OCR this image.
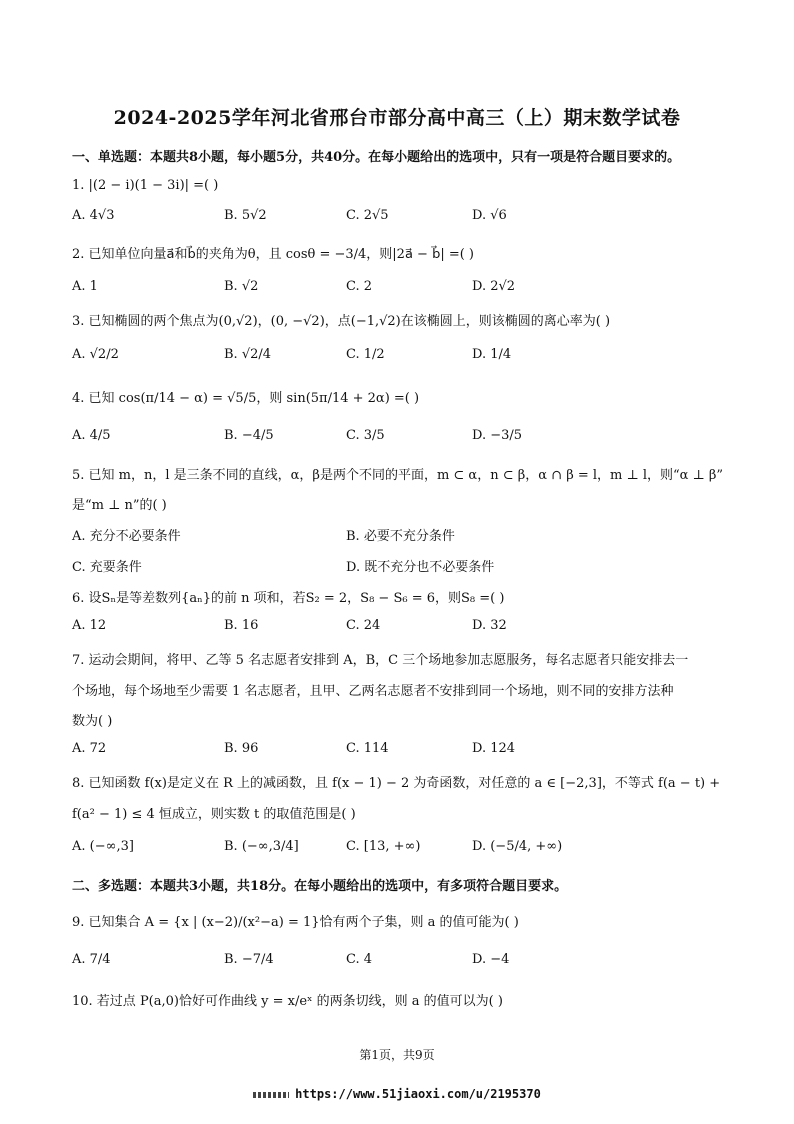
2024-2025学年河北省邢台市部分高中高三（上）期末数学试卷
一、单选题：本题共8小题，每小题5分，共40分。在每小题给出的选项中，只有一项是符合题目要求的。
1. |(2 − i)(1 − 3i)| =( )
A. 4√3	B. 5√2	C. 2√5	D. √6
2. 已知单位向量a⃗和b⃗的夹角为θ，且 cosθ = −3/4，则|2a⃗ − b⃗| =( )
A. 1	B. √2	C. 2	D. 2√2
3. 已知椭圆的两个焦点为(0,√2)，(0, −√2)，点(−1,√2)在该椭圆上，则该椭圆的离心率为( )
A. √2/2	B. √2/4	C. 1/2	D. 1/4
4. 已知 cos(π/14 − α) = √5/5，则 sin(5π/14 + 2α) =( )
A. 4/5	B. −4/5	C. 3/5	D. −3/5
5. 已知 m，n，l 是三条不同的直线，α，β是两个不同的平面，m ⊂ α，n ⊂ β，α ∩ β = l，m ⊥ l，则“α ⊥ β”
是“m ⊥ n”的( )
A. 充分不必要条件	B. 必要不充分条件
C. 充要条件	D. 既不充分也不必要条件
6. 设Sₙ是等差数列{aₙ}的前 n 项和，若S₂ = 2，S₈ − S₆ = 6，则S₈ =( )
A. 12	B. 16	C. 24	D. 32
7. 运动会期间，将甲、乙等 5 名志愿者安排到 A，B，C 三个场地参加志愿服务，每名志愿者只能安排去一
个场地，每个场地至少需要 1 名志愿者，且甲、乙两名志愿者不安排到同一个场地，则不同的安排方法种
数为( )
A. 72	B. 96	C. 114	D. 124
8. 已知函数 f(x)是定义在 R 上的减函数，且 f(x − 1) − 2 为奇函数，对任意的 a ∈ [−2,3]，不等式 f(a − t) +
f(a² − 1) ≤ 4 恒成立，则实数 t 的取值范围是( )
A. (−∞,3]	B. (−∞,3/4]	C. [13, +∞)	D. (−5/4, +∞)
二、多选题：本题共3小题，共18分。在每小题给出的选项中，有多项符合题目要求。
9. 已知集合 A = {x | (x−2)/(x²−a) = 1}恰有两个子集，则 a 的值可能为( )
A. 7/4	B. −7/4	C. 4	D. −4
10. 若过点 P(a,0)恰好可作曲线 y = x/eˣ 的两条切线，则 a 的值可以为( )
第1页，共9页
https://www.51jiaoxi.com/u/2195370
